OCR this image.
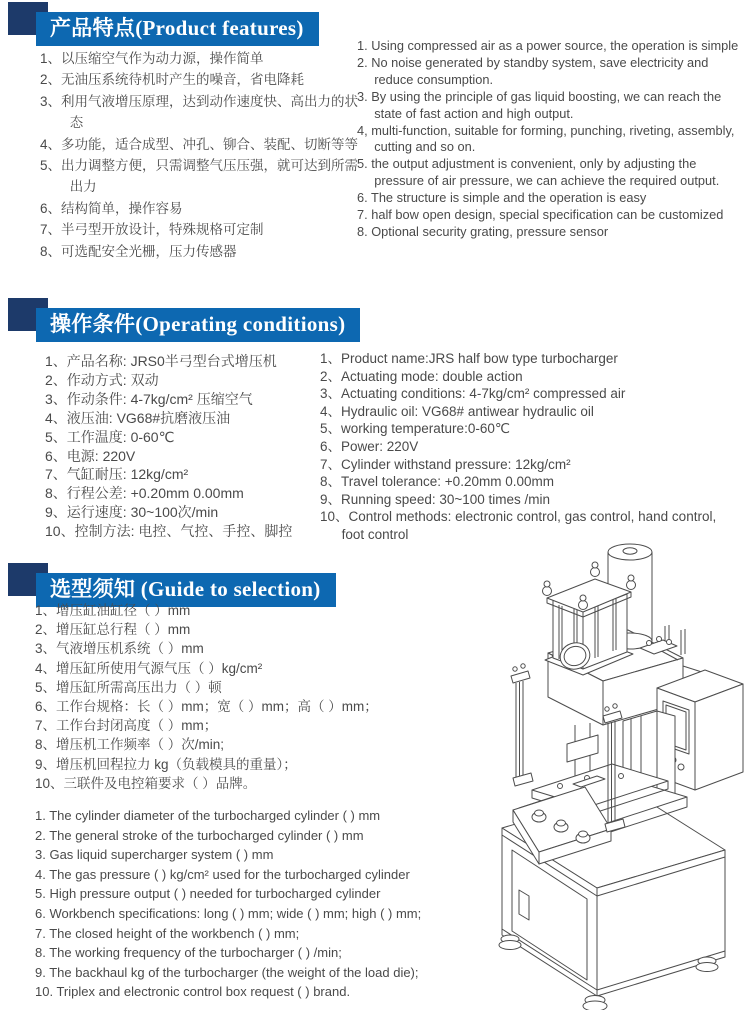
产品特点(Product features)
1、以压缩空气作为动力源，操作简单
2、无油压系统待机时产生的噪音，省电降耗
3、利用气液增压原理，达到动作速度快、高出力的状态
4、多功能，适合成型、冲孔、铆合、装配、切断等等
5、出力调整方便，只需调整气压压强，就可达到所需出力
6、结构简单，操作容易
7、半弓型开放设计，特殊规格可定制
8、可选配安全光栅，压力传感器
1. Using compressed air as a power source, the operation is simple
2. No noise generated by standby system, save electricity and reduce consumption.
3. By using the principle of gas liquid boosting, we can reach the state of fast action and high output.
4, multi-function, suitable for forming, punching, riveting, assembly, cutting and so on.
5. the output adjustment is convenient, only by adjusting the pressure of air pressure, we can achieve the required output.
6. The structure is simple and the operation is easy
7. half bow open design, special specification can be customized
8. Optional security grating, pressure sensor
操作条件(Operating conditions)
1、产品名称: JRS0半弓型台式增压机
2、作动方式: 双动
3、作动条件: 4-7kg/cm² 压缩空气
4、液压油: VG68#抗磨液压油
5、工作温度: 0-60℃
6、电源: 220V
7、气缸耐压: 12kg/cm²
8、行程公差: +0.20mm 0.00mm
9、运行速度: 30~100次/min
10、控制方法: 电控、气控、手控、脚控
1、Product name:JRS half bow type turbocharger
2、Actuating mode: double action
3、Actuating conditions: 4-7kg/cm² compressed air
4、Hydraulic oil: VG68# antiwear hydraulic oil
5、working temperature:0-60℃
6、Power: 220V
7、Cylinder withstand pressure: 12kg/cm²
8、Travel tolerance: +0.20mm 0.00mm
9、Running speed: 30~100 times /min
10、Control methods: electronic control, gas control, hand control, foot control
选型须知 (Guide to selection)
1、增压缸油缸径（ ）mm
2、增压缸总行程（ ）mm
3、气液增压机系统（ ）mm
4、增压缸所使用气源气压（ ）kg/cm²
5、增压缸所需高压出力（ ）顿
6、工作台规格：长（ ）mm；宽（ ）mm；高（ ）mm；
7、工作台封闭高度（ ）mm；
8、增压机工作频率（ ）次/min;
9、增压机回程拉力 kg（负载模具的重量）；
10、三联件及电控箱要求（ ）品牌。
1. The cylinder diameter of the turbocharged cylinder ( ) mm
2. The general stroke of the turbocharged cylinder ( ) mm
3. Gas liquid supercharger system ( ) mm
4. The gas pressure ( ) kg/cm² used for the turbocharged cylinder
5. High pressure output ( ) needed for turbocharged cylinder
6. Workbench specifications: long ( ) mm; wide ( ) mm; high ( ) mm;
7. The closed height of the workbench ( ) mm;
8. The working frequency of the turbocharger ( ) /min;
9. The backhaul kg of the turbocharger (the weight of the load die);
10. Triplex and electronic control box request ( ) brand.
